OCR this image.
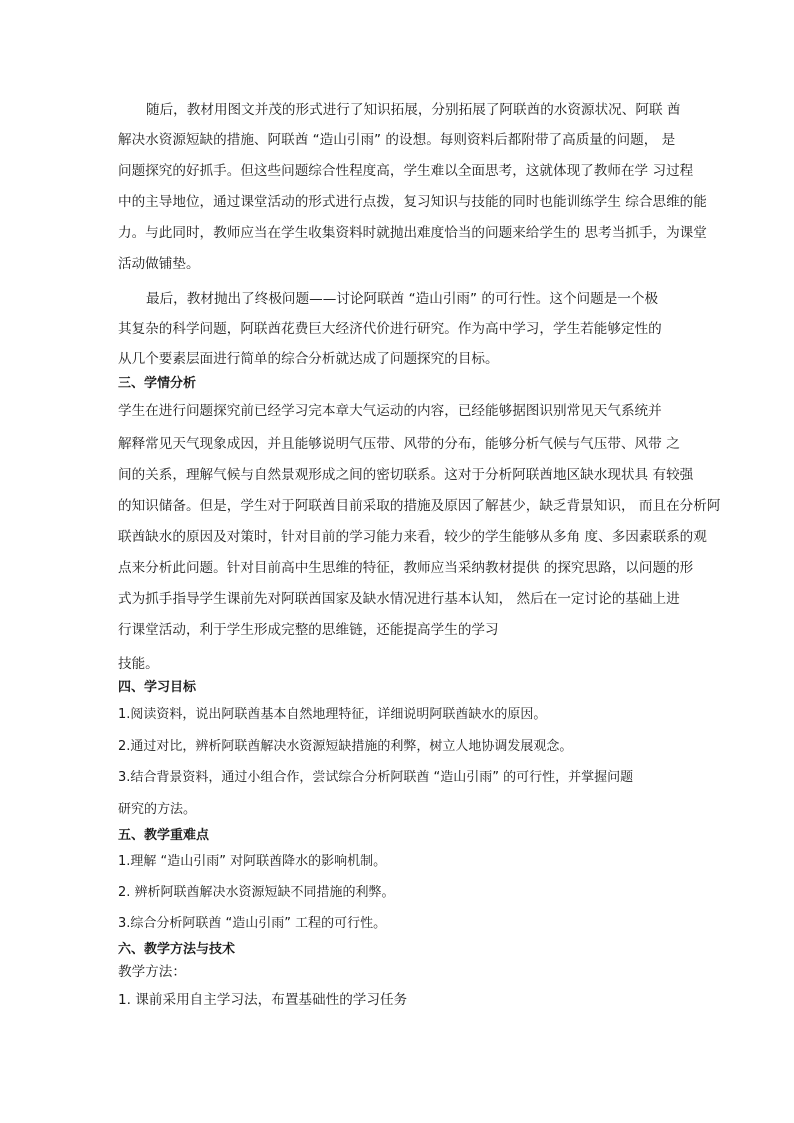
随后，教材用图文并茂的形式进行了知识拓展，分别拓展了阿联酋的水资源状况、阿联 酋
解决水资源短缺的措施、阿联酋 “造山引雨” 的设想。每则资料后都附带了高质量的问题， 是
问题探究的好抓手。但这些问题综合性程度高，学生难以全面思考，这就体现了教师在学 习过程
中的主导地位，通过课堂活动的形式进行点拨，复习知识与技能的同时也能训练学生 综合思维的能
力。与此同时，教师应当在学生收集资料时就抛出难度恰当的问题来给学生的 思考当抓手，为课堂
活动做铺垫。
最后，教材抛出了终极问题——讨论阿联酋 “造山引雨” 的可行性。这个问题是一个极
其复杂的科学问题，阿联酋花费巨大经济代价进行研究。作为高中学习，学生若能够定性的
从几个要素层面进行简单的综合分析就达成了问题探究的目标。
三、学情分析
学生在进行问题探究前已经学习完本章大气运动的内容，已经能够据图识别常见天气系统并
解释常见天气现象成因，并且能够说明气压带、风带的分布，能够分析气候与气压带、风带 之
间的关系，理解气候与自然景观形成之间的密切联系。这对于分析阿联酋地区缺水现状具 有较强
的知识储备。但是，学生对于阿联酋目前采取的措施及原因了解甚少，缺乏背景知识， 而且在分析阿
联酋缺水的原因及对策时，针对目前的学习能力来看，较少的学生能够从多角 度、多因素联系的观
点来分析此问题。针对目前高中生思维的特征，教师应当采纳教材提供 的探究思路，以问题的形
式为抓手指导学生课前先对阿联酋国家及缺水情况进行基本认知， 然后在一定讨论的基础上进
行课堂活动，利于学生形成完整的思维链，还能提高学生的学习
技能。
四、学习目标
1.阅读资料，说出阿联酋基本自然地理特征，详细说明阿联酋缺水的原因。
2.通过对比，辨析阿联酋解决水资源短缺措施的利弊，树立人地协调发展观念。
3.结合背景资料，通过小组合作，尝试综合分析阿联酋 “造山引雨” 的可行性，并掌握问题
研究的方法。
五、教学重难点
1.理解 “造山引雨” 对阿联酋降水的影响机制。
2. 辨析阿联酋解决水资源短缺不同措施的利弊。
3.综合分析阿联酋 “造山引雨” 工程的可行性。
六、教学方法与技术
教学方法：
1. 课前采用自主学习法，布置基础性的学习任务
